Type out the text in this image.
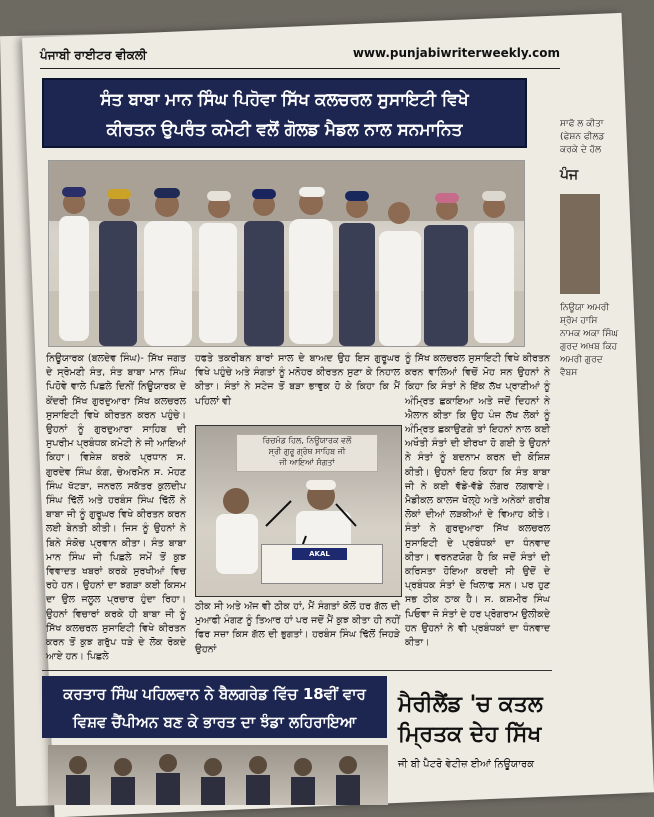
ਪੰਜਾਬੀ ਰਾਈਟਰ ਵੀਕਲੀ	www.punjabiwriterweekly.com
ਸੰਤ ਬਾਬਾ ਮਾਨ ਸਿੰਘ ਪਿਹੋਵਾ ਸਿੱਖ ਕਲਚਰਲ ਸੁਸਾਇਟੀ ਵਿਖੇ
ਕੀਰਤਨ ਉਪਰੰਤ ਕਮੇਟੀ ਵਲੋਂ ਗੋਲਡ ਮੈਡਲ ਨਾਲ ਸਨਮਾਨਿਤ
ਨਿਊਯਾਰਕ (ਬਲਦੇਵ ਸਿੰਘ)- ਸਿੱਖ ਜਗਤ ਦੇ ਸ੍ਰੋਮਣੀ ਸੰਤ, ਸੰਤ ਬਾਬਾ ਮਾਨ ਸਿੰਘ ਪਿਹੋਵੇ ਵਾਲੇ ਪਿਛਲੇ ਦਿਨੀਂ ਨਿਊਯਾਰਕ ਦੇ ਕੇਂਦਰੀ ਸਿੱਖ ਗੁਰਦੁਆਰਾ ਸਿੱਖ ਕਲਚਰਲ ਸੁਸਾਇਟੀ ਵਿਖੇ ਕੀਰਤਨ ਕਰਨ ਪਹੁੰਚੇ। ਉਹਨਾਂ ਨੂੰ ਗੁਰਦੁਆਰਾ ਸਾਹਿਬ ਦੀ ਸੁਪਰੀਮ ਪ੍ਰਬੰਧਕ ਕਮੇਟੀ ਨੇ ਜੀ ਆਇਆਂ ਕਿਹਾ। ਵਿਸ਼ੇਸ਼ ਕਰਕੇ ਪ੍ਰਧਾਨ ਸ. ਗੁਰਦੇਵ ਸਿੰਘ ਕੰਗ, ਚੇਅਰਮੈਨ ਸ. ਮੋਹਣ ਸਿੰਘ ਖੱਟੜਾ, ਜਨਰਲ ਸਕੱਤਰ ਕੁਲਦੀਪ ਸਿੰਘ ਢਿੱਲੋਂ ਅਤੇ ਹਰਬੰਸ ਸਿੰਘ ਢਿੱਲੋਂ ਨੇ ਬਾਬਾ ਜੀ ਨੂੰ ਗੁਰੂਘਰ ਵਿਖੇ ਕੀਰਤਨ ਕਰਨ ਲਈ ਬੇਨਤੀ ਕੀਤੀ। ਜਿਸ ਨੂੰ ਉਹਨਾਂ ਨੇ ਬਿਨੇ ਸੰਕੋਚ ਪ੍ਰਵਾਨ ਕੀਤਾ। ਸੰਤ ਬਾਬਾ ਮਾਨ ਸਿੰਘ ਜੀ ਪਿਛਲੇ ਸਮੇਂ ਤੋਂ ਕੁਝ ਵਿਵਾਦਤ ਖਬਰਾਂ ਕਰਕੇ ਸੁਰਖੀਆਂ ਵਿਚ ਰਹੇ ਹਨ। ਉਹਨਾਂ ਦਾ ਝਗੜਾ ਕਈ ਕਿਸਮ ਦਾ ਉਲ ਜਲੂਲ ਪ੍ਰਚਾਰ ਹੁੰਦਾ ਰਿਹਾ। ਉਹਨਾਂ ਵਿਚਾਰਾਂ ਕਰਕੇ ਹੀ ਬਾਬਾ ਜੀ ਨੂੰ ਸਿੱਖ ਕਲਚਰਲ ਸੁਸਾਇਟੀ ਵਿਖੇ ਕੀਰਤਨ ਕਰਨ ਤੋਂ ਕੁਝ ਗਰੁੱਪ ਧੜੇ ਦੇ ਲੋਕ ਰੋਕਦੇ ਆਏ ਹਨ। ਪਿਛਲੇ
ਹਫਤੇ ਤਕਰੀਬਨ ਬਾਰਾਂ ਸਾਲ ਦੇ ਬਾਅਦ ਉਹ ਇਸ ਗੁਰੂਘਰ ਵਿਖੇ ਪਹੁੰਚੇ ਅਤੇ ਸੰਗਤਾਂ ਨੂੰ ਮਨੋਹਰ ਕੀਰਤਨ ਸੁਣਾ ਕੇ ਨਿਹਾਲ ਕੀਤਾ। ਸੰਤਾਂ ਨੇ ਸਟੇਜ ਤੋਂ ਬੜਾ ਭਾਵੁਕ ਹੋ ਕੇ ਕਿਹਾ ਕਿ ਮੈਂ ਪਹਿਲਾਂ ਵੀ
ਠੀਕ ਸੀ ਅਤੇ ਅੱਜ ਵੀ ਠੀਕ ਹਾਂ, ਮੈਂ ਸੰਗਤਾਂ ਕੋਲੋਂ ਹਰ ਗੱਲ ਦੀ ਮੁਆਫੀ ਮੰਗਣ ਨੂੰ ਤਿਆਰ ਹਾਂ ਪਰ ਜਦੋਂ ਮੈਂ ਕੁਝ ਕੀਤਾ ਹੀ ਨਹੀਂ ਫਿਰ ਸਜ਼ਾ ਕਿਸ ਗੱਲ ਦੀ ਭੁਗਤਾਂ। ਹਰਬੰਸ ਸਿੰਘ ਢਿੱਲੋਂ ਜਿਹੜੇ ਉਹਨਾਂ
ਨੂੰ ਸਿੱਖ ਕਲਚਰਲ ਸੁਸਾਇਟੀ ਵਿਖੇ ਕੀਰਤਨ ਕਰਨ ਵਾਲਿਆਂ ਵਿਚੋਂ ਮੋਹ ਸਨ ਉਹਨਾਂ ਨੇ ਕਿਹਾ ਕਿ ਸੰਤਾਂ ਨੇ ਇੱਕ ਲੱਖ ਪ੍ਰਾਣੀਆਂ ਨੂੰ ਅੰਮ੍ਰਿਤ ਛਕਾਇਆ ਅਤੇ ਜਦੋਂ ਦਿਹਨਾਂ ਨੇ ਐਲਾਨ ਕੀਤਾ ਕਿ ਉਹ ਪੰਜ ਲੱਖ ਲੋਕਾਂ ਨੂੰ ਅੰਮ੍ਰਿਤ ਛਕਾਉਣਗੇ ਤਾਂ ਇਹਨਾਂ ਨਾਲ ਕਈ ਅਖੌਤੀ ਸੰਤਾਂ ਦੀ ਈਰਖਾ ਹੋ ਗਈ ਤੇ ਉਹਨਾਂ ਨੇ ਸੰਤਾਂ ਨੂੰ ਬਦਨਾਮ ਕਰਨ ਦੀ ਕੋਸ਼ਿਸ਼ ਕੀਤੀ। ਉਹਨਾਂ ਇਹ ਕਿਹਾ ਕਿ ਸੰਤ ਬਾਬਾ ਜੀ ਨੇ ਕਈ ਵੱਡੇ-ਵੱਡੇ ਲੰਗਰ ਲਗਵਾਏ। ਮੈਡੀਕਲ ਕਾਲਜ ਖੋਲ੍ਹੇ ਅਤੇ ਅਨੇਕਾਂ ਗਰੀਬ ਲੋਕਾਂ ਦੀਆਂ ਲੜਕੀਆਂ ਦੇ ਵਿਆਹ ਕੀਤੇ। ਸੰਤਾਂ ਨੇ ਗੁਰਦੁਆਰਾ ਸਿੱਖ ਕਲਚਰਲ ਸੁਸਾਇਟੀ ਦੇ ਪ੍ਰਬੰਧਕਾਂ ਦਾ ਧੰਨਵਾਦ ਕੀਤਾ। ਵਰਨਣਯੋਗ ਹੈ ਕਿ ਜਦੋਂ ਸੰਤਾਂ ਦੀ ਕਰਿਸਤਾ ਹੋਇਆ ਕਰਦੀ ਸੀ ਉਦੋਂ ਦੇ ਪ੍ਰਬੰਧਕ ਸੰਤਾਂ ਦੇ ਖਿਲਾਫ ਸਨ। ਪਰ ਹੁਣ ਸਭ ਠੀਕ ਠਾਕ ਹੈ। ਸ. ਕਸ਼ਮੀਰ ਸਿੰਘ ਪਿਓਵਾ ਜੋ ਸੰਤਾਂ ਦੇ ਹਰ ਪ੍ਰੋਗਰਾਮ ਉਲੀਕਦੇ ਹਨ ਉਹਨਾਂ ਨੇ ਵੀ ਪ੍ਰਬੰਧਕਾਂ ਦਾ ਧੰਨਵਾਦ ਕੀਤਾ।
ਰਿਚਮੰਡ ਹਿਲ, ਨਿਊਯਾਰਕ ਵਲੋਂ
ਸ੍ਰੀ ਗੁਰੂ ਗ੍ਰੰਥ ਸਾਹਿਬ ਜੀ
ਜੀ ਆਇਆਂ ਸੰਗਤਾਂ
AKAL
ਕਰਤਾਰ ਸਿੰਘ ਪਹਿਲਵਾਨ ਨੇ ਬੈਲਗਰੇਡ ਵਿੱਚ 18ਵੀਂ ਵਾਰ
ਵਿਸ਼ਵ ਚੈਂਪੀਅਨ ਬਣ ਕੇ ਭਾਰਤ ਦਾ ਝੰਡਾ ਲਹਿਰਾਇਆ
ਮੈਰੀਲੈਂਡ 'ਚ ਕਤਲ
ਮ੍ਰਿਤਕ ਦੇਹ ਸਿੱਖ
ਜੀ ਬੀ ਪੈਟਰੋ ਵੇਟੀਜ਼ ਈਆਂ ਨਿਊਯਾਰਕ
ਸਾਫੋ ਲ ਕੀਤਾ (ਫੇਸ਼ਨ ਫੀਲਡ ਕਰਕੇ ਦੇ ਹੱਲ
ਪੰਜ
ਨਿਊਯਾ ਅਮਰੀ ਸ਼੍ਰੋਮ ਹਾਸਿ ਨਾਮਕ ਅਕਾ ਸਿੰਘ ਗੁਰਦ ਅਖ਼ਬ ਕਿਹ ਅਮਰੀ ਗੁਰਦ ਵੈਬਸ
